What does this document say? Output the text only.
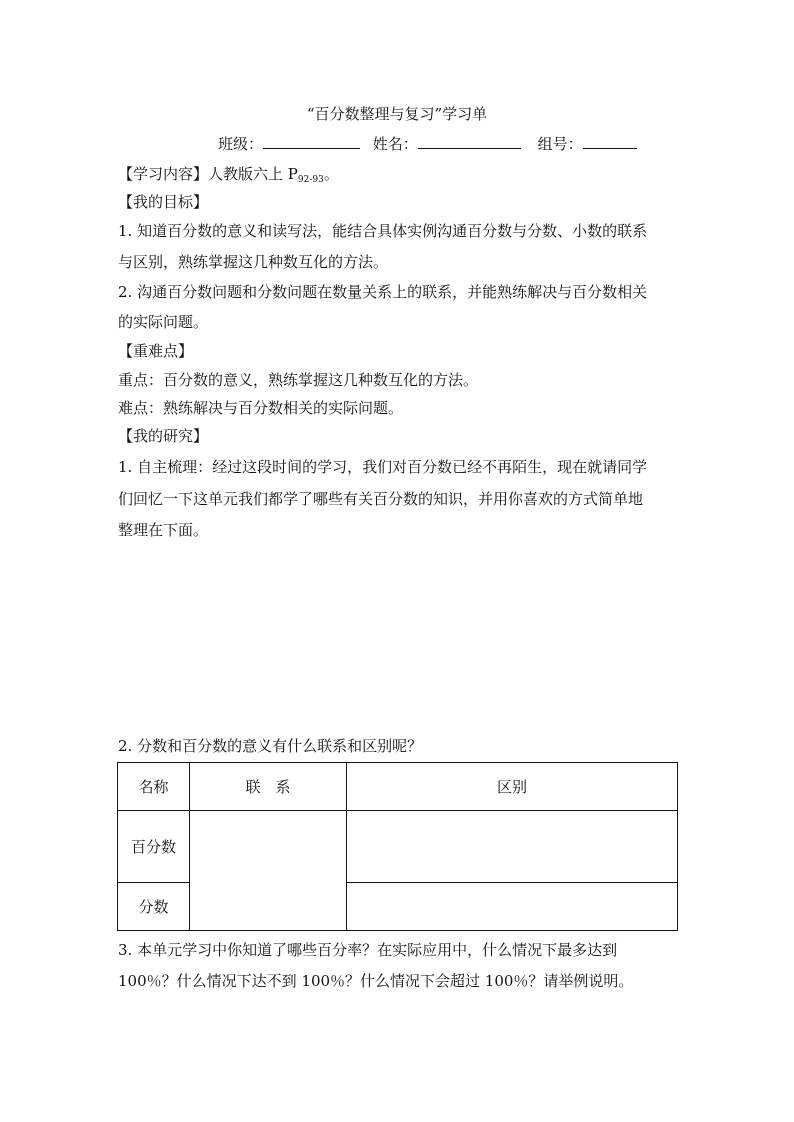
“百分数整理与复习”学习单
班级：	姓名：	组号：
【学习内容】人教版六上 $P_{92-93}$。
【我的目标】
1. 知道百分数的意义和读写法，能结合具体实例沟通百分数与分数、小数的联系
与区别，熟练掌握这几种数互化的方法。
2. 沟通百分数问题和分数问题在数量关系上的联系，并能熟练解决与百分数相关
的实际问题。
【重难点】
重点：百分数的意义，熟练掌握这几种数互化的方法。
难点：熟练解决与百分数相关的实际问题。
【我的研究】
1. 自主梳理：经过这段时间的学习，我们对百分数已经不再陌生，现在就请同学
们回忆一下这单元我们都学了哪些有关百分数的知识，并用你喜欢的方式简单地
整理在下面。
2. 分数和百分数的意义有什么联系和区别呢？
名称	联　系	区别
百分数		
分数		
3. 本单元学习中你知道了哪些百分率？在实际应用中，什么情况下最多达到
100％？什么情况下达不到 100％？什么情况下会超过 100％？请举例说明。
